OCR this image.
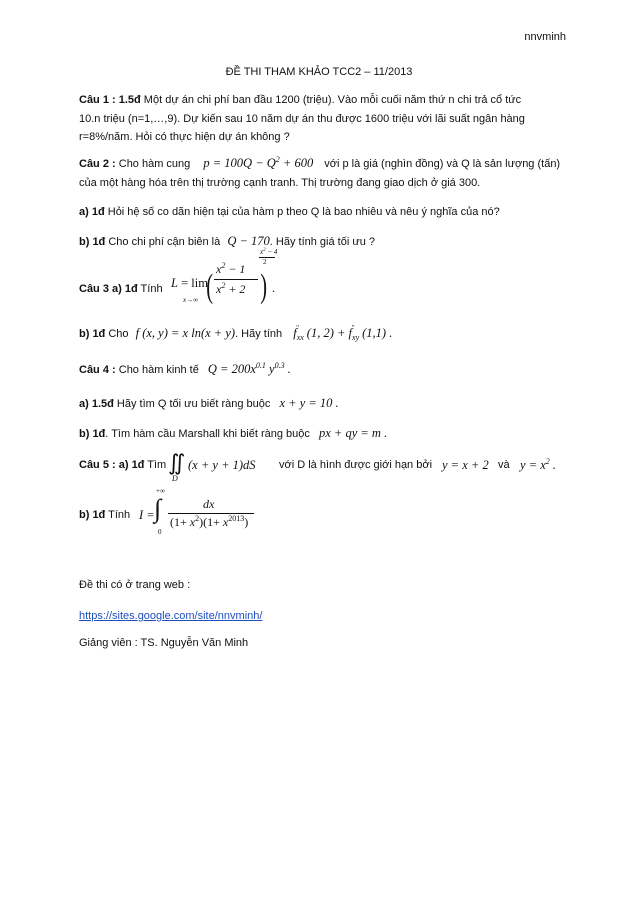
nnvminh
ĐỀ THI THAM KHẢO TCC2 – 11/2013
Câu 1 : 1.5đ Một dự án chi phí ban đầu 1200 (triệu). Vào mỗi cuối năm thứ n chi trả cổ tức
10.n triệu (n=1,…,9). Dự kiến sau 10 năm dự án thu được 1600 triệu với lãi suất ngân hàng
r=8%/năm. Hỏi có thực hiện dự án không ?
Câu 2 : Cho hàm cung $p = 100Q - Q^2 + 600$ với p là giá (nghìn đồng) và Q là sản lượng (tấn)
của một hàng hóa trên thị trường cạnh tranh. Thị trường đang giao dịch ở giá 300.
a) 1đ Hỏi hệ số co dãn hiện tại của hàm p theo Q là bao nhiêu và nêu ý nghĩa của nó?
b) 1đ Cho chi phí cận biên là Q − 170. Hãy tính giá tối ưu ?
Câu 3 a) 1đ Tính L = lim
x→∞ ( $x^2 - 1$
$x^2 + 2$ )
$x^2 - 4$
2
.
b) 1đ Cho f (x, y) = x ln(x + y). Hãy tính $f_{xx}''$ (1, $2) + f_{xy}''$ (1,1) .
Câu 4 : Cho hàm kinh tế $Q = 200x^{0.1}$ $y^{0.3}$ .
a) 1.5đ Hãy tìm Q tối ưu biết ràng buộc x + y = 10 .
b) 1đ. Tìm hàm cầu Marshall khi biết ràng buộc px + qy = m .
Câu 5 : a) 1đ Tìm ∬
D
(x + y + 1)dS với D là hình được giới hạn bởi y = x + 2 và $y = x^2$ .
b) 1đ Tính I =
+∞
∫
0
dx
$(1+ x^2)(1+ x^{2013})$
Đề thi có ở trang web :
https://sites.google.com/site/nnvminh/
Giảng viên : TS. Nguyễn Văn Minh
